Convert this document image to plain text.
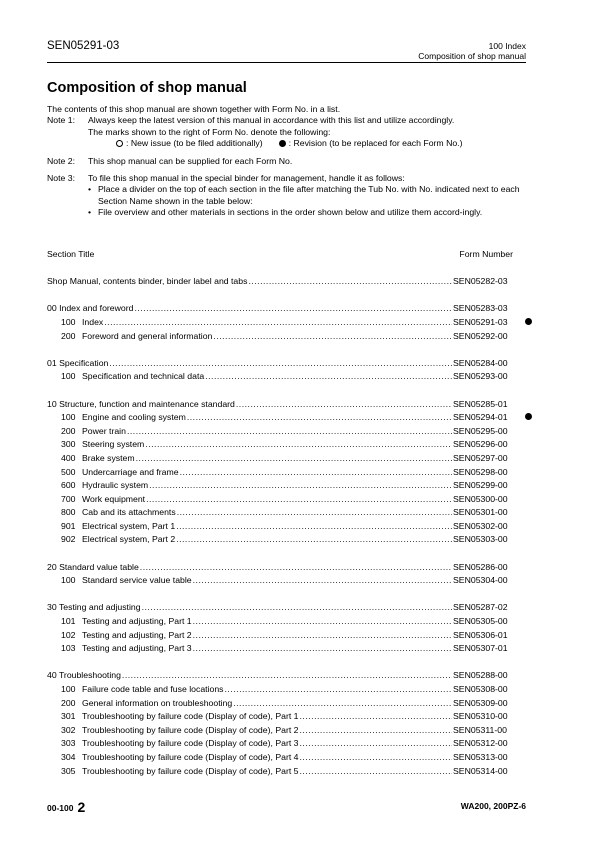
SEN05291-03	100 Index
Composition of shop manual
Composition of shop manual
The contents of this shop manual are shown together with Form No. in a list.
Note 1:	Always keep the latest version of this manual in accordance with this list and utilize accordingly.
The marks shown to the right of Form No. denote the following:
: New issue (to be filed additionally)	: Revision (to be replaced for each Form No.)
Note 2:	This shop manual can be supplied for each Form No.
Note 3:	To file this shop manual in the special binder for management, handle it as follows:
• Place a divider on the top of each section in the file after matching the Tub No. with No. indicated next to each Section Name shown in the table below:
• File overview and other materials in sections in the order shown below and utilize them accord-ingly.
Section Title	Form Number
Shop Manual, contents binder, binder label and tabs .....	SEN05282-03
00 Index and foreword .....	SEN05283-03
100 Index .....	SEN05291-03
200 Foreword and general information .....	SEN05292-00
01 Specification .....	SEN05284-00
100 Specification and technical data .....	SEN05293-00
10 Structure, function and maintenance standard .....	SEN05285-01
100 Engine and cooling system .....	SEN05294-01
200 Power train .....	SEN05295-00
300 Steering system .....	SEN05296-00
400 Brake system .....	SEN05297-00
500 Undercarriage and frame .....	SEN05298-00
600 Hydraulic system .....	SEN05299-00
700 Work equipment .....	SEN05300-00
800 Cab and its attachments .....	SEN05301-00
901 Electrical system, Part 1 .....	SEN05302-00
902 Electrical system, Part 2 .....	SEN05303-00
20 Standard value table .....	SEN05286-00
100 Standard service value table .....	SEN05304-00
30 Testing and adjusting .....	SEN05287-02
101 Testing and adjusting, Part 1 .....	SEN05305-00
102 Testing and adjusting, Part 2 .....	SEN05306-01
103 Testing and adjusting, Part 3 .....	SEN05307-01
40 Troubleshooting .....	SEN05288-00
100 Failure code table and fuse locations .....	SEN05308-00
200 General information on troubleshooting .....	SEN05309-00
301 Troubleshooting by failure code (Display of code), Part 1 .....	SEN05310-00
302 Troubleshooting by failure code (Display of code), Part 2 .....	SEN05311-00
303 Troubleshooting by failure code (Display of code), Part 3 .....	SEN05312-00
304 Troubleshooting by failure code (Display of code), Part 4 .....	SEN05313-00
305 Troubleshooting by failure code (Display of code), Part 5 .....	SEN05314-00
00-100 2	WA200, 200PZ-6
